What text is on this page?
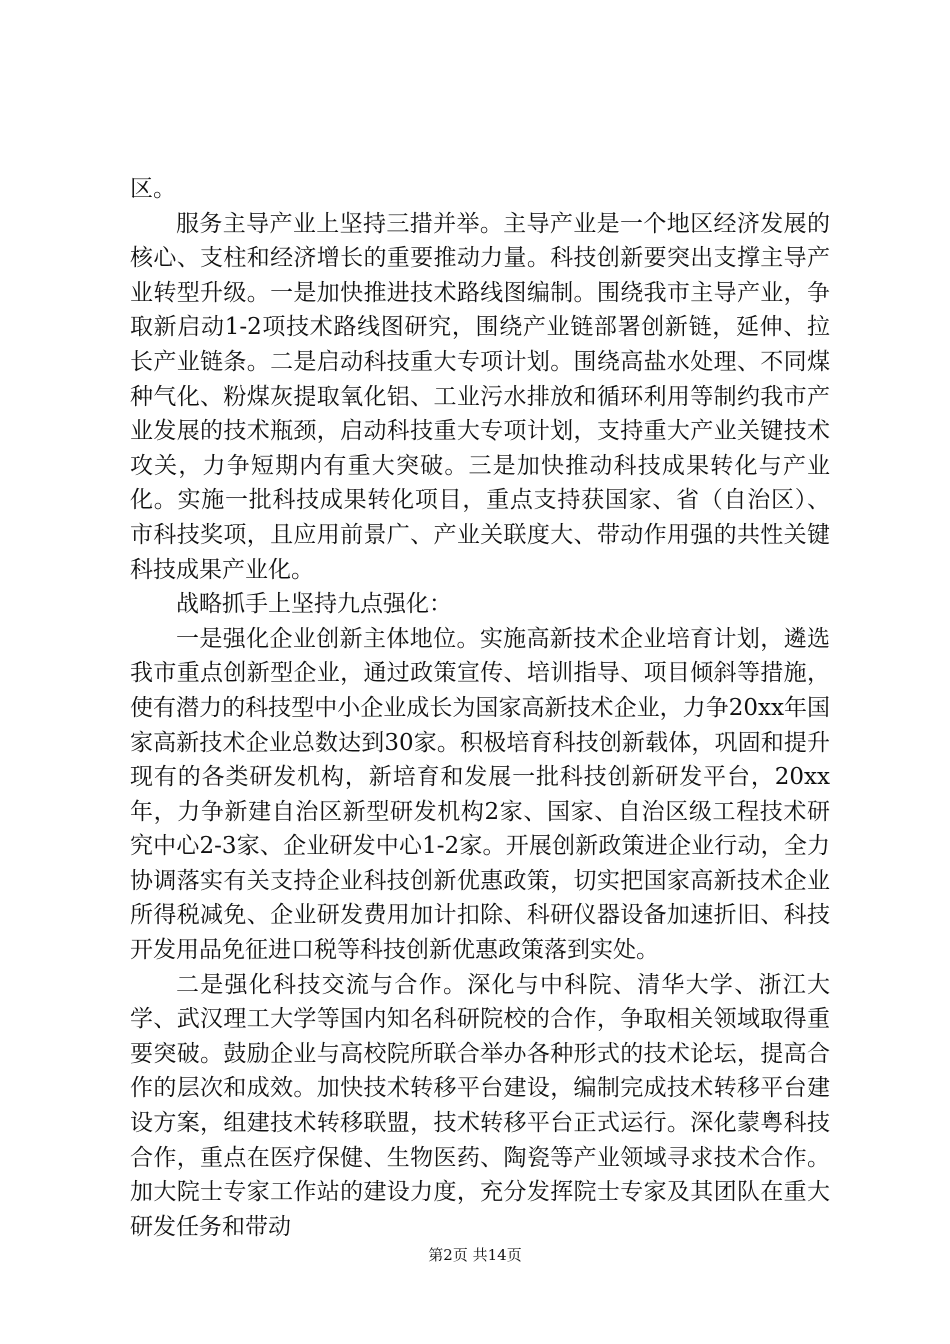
区。

服务主导产业上坚持三措并举。主导产业是一个地区经济发展的核心、支柱和经济增长的重要推动力量。科技创新要突出支撑主导产业转型升级。一是加快推进技术路线图编制。围绕我市主导产业，争取新启动1-2项技术路线图研究，围绕产业链部署创新链，延伸、拉长产业链条。二是启动科技重大专项计划。围绕高盐水处理、不同煤种气化、粉煤灰提取氧化铝、工业污水排放和循环利用等制约我市产业发展的技术瓶颈，启动科技重大专项计划，支持重大产业关键技术攻关，力争短期内有重大突破。三是加快推动科技成果转化与产业化。实施一批科技成果转化项目，重点支持获国家、省（自治区）、市科技奖项，且应用前景广、产业关联度大、带动作用强的共性关键科技成果产业化。

战略抓手上坚持九点强化：

一是强化企业创新主体地位。实施高新技术企业培育计划，遴选我市重点创新型企业，通过政策宣传、培训指导、项目倾斜等措施，使有潜力的科技型中小企业成长为国家高新技术企业，力争20xx年国家高新技术企业总数达到30家。积极培育科技创新载体，巩固和提升现有的各类研发机构，新培育和发展一批科技创新研发平台，20xx年，力争新建自治区新型研发机构2家、国家、自治区级工程技术研究中心2-3家、企业研发中心1-2家。开展创新政策进企业行动，全力协调落实有关支持企业科技创新优惠政策，切实把国家高新技术企业所得税减免、企业研发费用加计扣除、科研仪器设备加速折旧、科技开发用品免征进口税等科技创新优惠政策落到实处。

二是强化科技交流与合作。深化与中科院、清华大学、浙江大学、武汉理工大学等国内知名科研院校的合作，争取相关领域取得重要突破。鼓励企业与高校院所联合举办各种形式的技术论坛，提高合作的层次和成效。加快技术转移平台建设，编制完成技术转移平台建设方案，组建技术转移联盟，技术转移平台正式运行。深化蒙粤科技合作，重点在医疗保健、生物医药、陶瓷等产业领域寻求技术合作。加大院士专家工作站的建设力度，充分发挥院士专家及其团队在重大研发任务和带动

第2页 共14页
